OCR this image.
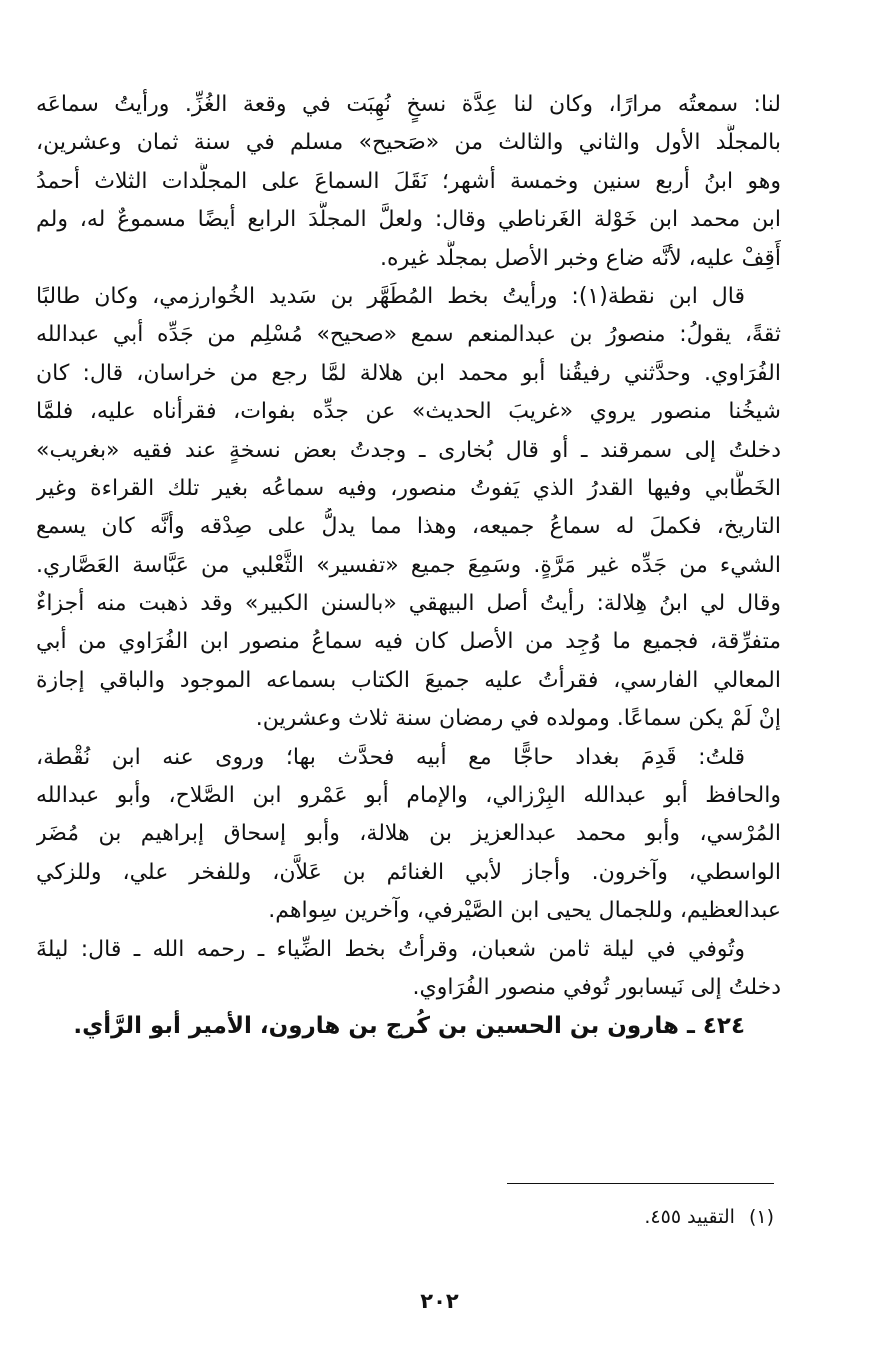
لنا: سمعتُه مرارًا، وكان لنا عِدَّة نسخٍ نُهِبَت في وقعة الغُزِّ. ورأيتُ سماعَه
بالمجلَّد الأول والثاني والثالث من «صَحيح» مسلم في سنة ثمان وعشرين،
وهو ابنُ أربع سنين وخمسة أشهر؛ نَقَلَ السماعَ على المجلَّدات الثلاث أحمدُ
ابن محمد ابن خَوْلة الغَرناطي وقال: ولعلَّ المجلَّدَ الرابع أيضًا مسموعٌ له، ولم
أَقِفْ عليه، لأنَّه ضاع وخبر الأصل بمجلَّد غيره.
قال ابن نقطة(١): ورأيتُ بخط المُطَهَّر بن سَديد الخُوارزمي، وكان طالبًا
ثقةً، يقولُ: منصورُ بن عبدالمنعم سمع «صحيح» مُسْلِم من جَدِّه أبي عبدالله
الفُرَاوي. وحدَّثني رفيقُنا أبو محمد ابن هلالة لمَّا رجع من خراسان، قال: كان
شيخُنا منصور يروي «غريبَ الحديث» عن جدِّه بفوات، فقرأناه عليه، فلمَّا
دخلتُ إلى سمرقند ـ أو قال بُخارى ـ وجدتُ بعض نسخةٍ عند فقيه «بغريب»
الخَطَّابي وفيها القدرُ الذي يَفوتُ منصور، وفيه سماعُه بغير تلك القراءة وغير
التاريخ، فكملَ له سماعُ جميعه، وهذا مما يدلُّ على صِدْقه وأنَّه كان يسمع
الشيء من جَدِّه غير مَرَّةٍ. وسَمِعَ جميع «تفسير» الثَّعْلبي من عَبَّاسة العَصَّاري.
وقال لي ابنُ هِلالة: رأيتُ أصل البيهقي «بالسنن الكبير» وقد ذهبت منه أجزاءٌ
متفرِّقة، فجميع ما وُجِد من الأصل كان فيه سماعُ منصور ابن الفُرَاوي من أبي
المعالي الفارسي، فقرأتُ عليه جميعَ الكتاب بسماعه الموجود والباقي إجازة
إنْ لَمْ يكن سماعًا. ومولده في رمضان سنة ثلاث وعشرين.
قلتُ: قَدِمَ بغداد حاجًّا مع أبيه فحدَّث بها؛ وروى عنه ابن نُقْطة،
والحافظ أبو عبدالله البِرْزالي، والإمام أبو عَمْرو ابن الصَّلاح، وأبو عبدالله
المُرْسي، وأبو محمد عبدالعزيز بن هلالة، وأبو إسحاق إبراهيم بن مُضَر
الواسطي، وآخرون. وأجاز لأبي الغنائم بن عَلاَّن، وللفخر علي، وللزكي
عبدالعظيم، وللجمال يحيى ابن الصَّيْرفي، وآخرين سِواهم.
وتُوفي في ليلة ثامن شعبان، وقرأتُ بخط الضِّياء ـ رحمه الله ـ قال: ليلةَ
دخلتُ إلى نَيسابور تُوفي منصور الفُرَاوي.
٤٢٤ ـ هارون بن الحسين بن كُرج بن هارون، الأمير أبو الرَّأي.
(١)التقييد ٤٥٥.
٢٠٢
